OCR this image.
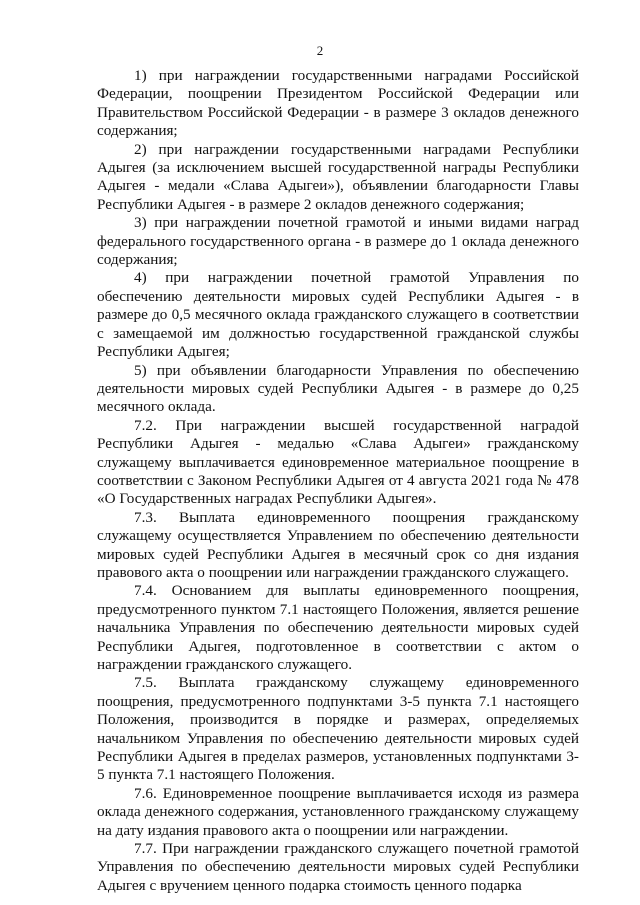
2

1) при награждении государственными наградами Российской Федерации, поощрении Президентом Российской Федерации или Правительством Российской Федерации - в размере 3 окладов денежного содержания;

2) при награждении государственными наградами Республики Адыгея (за исключением высшей государственной награды Республики Адыгея - медали «Слава Адыгеи»), объявлении благодарности Главы Республики Адыгея - в размере 2 окладов денежного содержания;

3) при награждении почетной грамотой и иными видами наград федерального государственного органа - в размере до 1 оклада денежного содержания;

4) при награждении почетной грамотой Управления по обеспечению деятельности мировых судей Республики Адыгея - в размере до 0,5 месячного оклада гражданского служащего в соответствии с замещаемой им должностью государственной гражданской службы Республики Адыгея;

5) при объявлении благодарности Управления по обеспечению деятельности мировых судей Республики Адыгея - в размере до 0,25 месячного оклада.

7.2. При награждении высшей государственной наградой Республики Адыгея - медалью «Слава Адыгеи» гражданскому служащему выплачивается единовременное материальное поощрение в соответствии с Законом Республики Адыгея от 4 августа 2021 года № 478 «О Государственных наградах Республики Адыгея».

7.3. Выплата единовременного поощрения гражданскому служащему осуществляется Управлением по обеспечению деятельности мировых судей Республики Адыгея в месячный срок со дня издания правового акта о поощрении или награждении гражданского служащего.

7.4. Основанием для выплаты единовременного поощрения, предусмотренного пунктом 7.1 настоящего Положения, является решение начальника Управления по обеспечению деятельности мировых судей Республики Адыгея, подготовленное в соответствии с актом о награждении гражданского служащего.

7.5. Выплата гражданскому служащему единовременного поощрения, предусмотренного подпунктами 3-5 пункта 7.1 настоящего Положения, производится в порядке и размерах, определяемых начальником Управления по обеспечению деятельности мировых судей Республики Адыгея в пределах размеров, установленных подпунктами 3-5 пункта 7.1 настоящего Положения.

7.6. Единовременное поощрение выплачивается исходя из размера оклада денежного содержания, установленного гражданскому служащему на дату издания правового акта о поощрении или награждении.

7.7. При награждении гражданского служащего почетной грамотой Управления по обеспечению деятельности мировых судей Республики Адыгея с вручением ценного подарка стоимость ценного подарка
